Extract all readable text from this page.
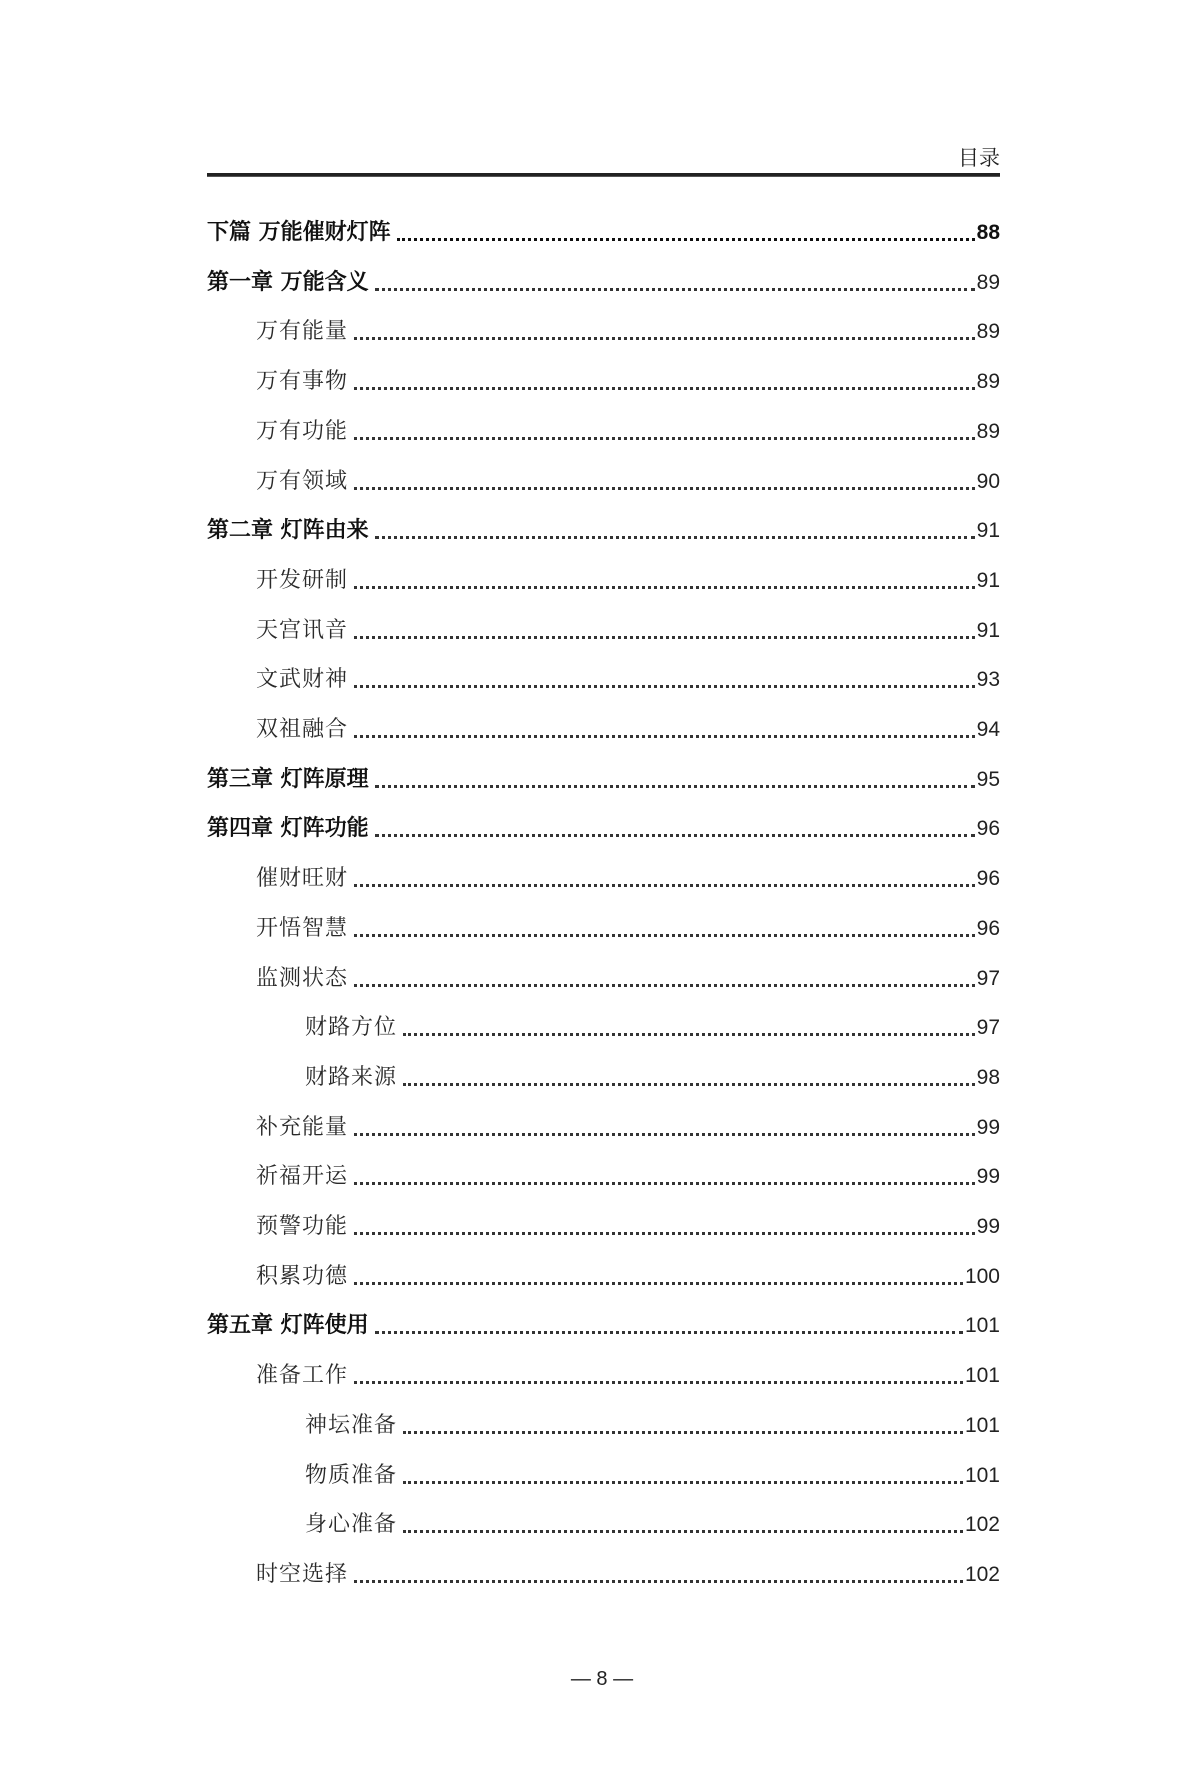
目录
下篇 万能催财灯阵	88
第一章 万能含义	89
万有能量	89
万有事物	89
万有功能	89
万有领域	90
第二章 灯阵由来	91
开发研制	91
天宫讯音	91
文武财神	93
双祖融合	94
第三章 灯阵原理	95
第四章 灯阵功能	96
催财旺财	96
开悟智慧	96
监测状态	97
财路方位	97
财路来源	98
补充能量	99
祈福开运	99
预警功能	99
积累功德	100
第五章 灯阵使用	101
准备工作	101
神坛准备	101
物质准备	101
身心准备	102
时空选择	102
— 8 —
